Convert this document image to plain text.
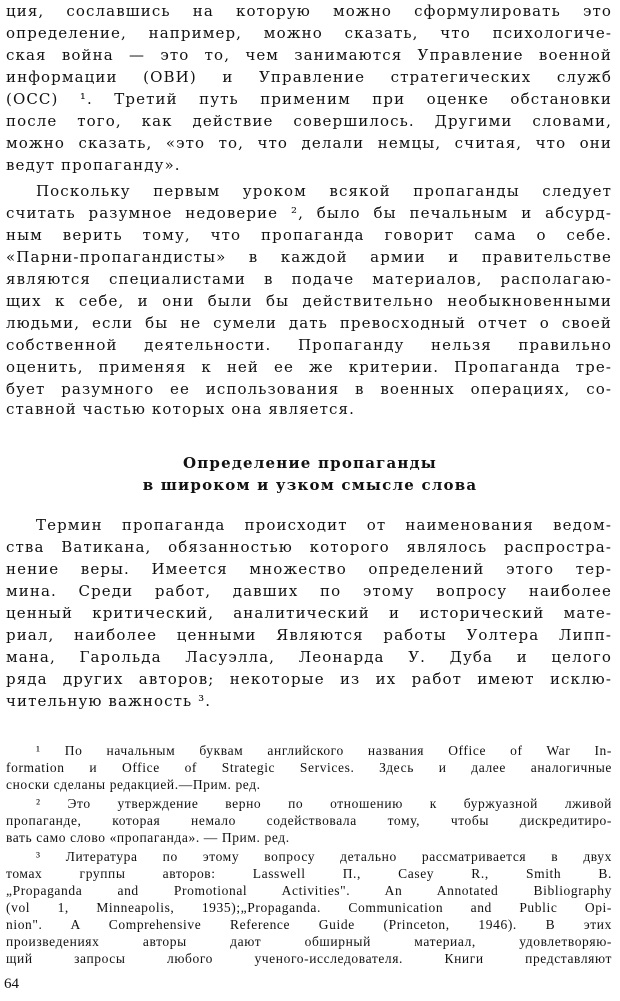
ция, сославшись на которую можно сформулировать это
определение, например, можно сказать, что психологиче-
ская война — это то, чем занимаются Управление военной
информации (ОВИ) и Управление стратегических служб
(ОСС) ¹. Третий путь применим при оценке обстановки
после того, как действие совершилось. Другими словами,
можно сказать, «это то, что делали немцы, считая, что они
ведут пропаганду».
Поскольку первым уроком всякой пропаганды следует
считать разумное недоверие ², было бы печальным и абсурд-
ным верить тому, что пропаганда говорит сама о себе.
«Парни-пропагандисты» в каждой армии и правительстве
являются специалистами в подаче материалов, располагаю-
щих к себе, и они были бы действительно необыкновенными
людьми, если бы не сумели дать превосходный отчет о своей
собственной деятельности. Пропаганду нельзя правильно
оценить, применяя к ней ее же критерии. Пропаганда тре-
бует разумного ее использования в военных операциях, со-
ставной частью которых она является.
Определение пропаганды
в широком и узком смысле слова
Термин пропаганда происходит от наименования ведом-
ства Ватикана, обязанностью которого являлось распростра-
нение веры. Имеется множество определений этого тер-
мина. Среди работ, давших по этому вопросу наиболее
ценный критический, аналитический и исторический мате-
риал, наиболее ценными Являются работы Уолтера Липп-
мана, Гарольда Ласуэлла, Леонарда У. Дуба и целого
ряда других авторов; некоторые из их работ имеют исклю-
чительную важность ³.
¹ По начальным буквам английского названия Office of War In-
formation и Office of Strategic Services. Здесь и далее аналогичные
сноски сделаны редакцией.—Прим. ред.
² Это утверждение верно по отношению к буржуазной лживой
пропаганде, которая немало содействовала тому, чтобы дискредитиро-
вать само слово «пропаганда». — Прим. ред.
³ Литература по этому вопросу детально рассматривается в двух
томах группы авторов: Lasswell П., Casey R., Smith B.
„Propaganda and Promotional Activities". An Annotated Bibliography
(vol 1, Minneapolis, 1935);„Propaganda. Communication and Public Opi-
nion". A Comprehensive Reference Guide (Princeton, 1946). В этих
произведениях авторы дают обширный материал, удовлетворяю-
щий запросы любого ученого-исследователя. Книги представляют
64
